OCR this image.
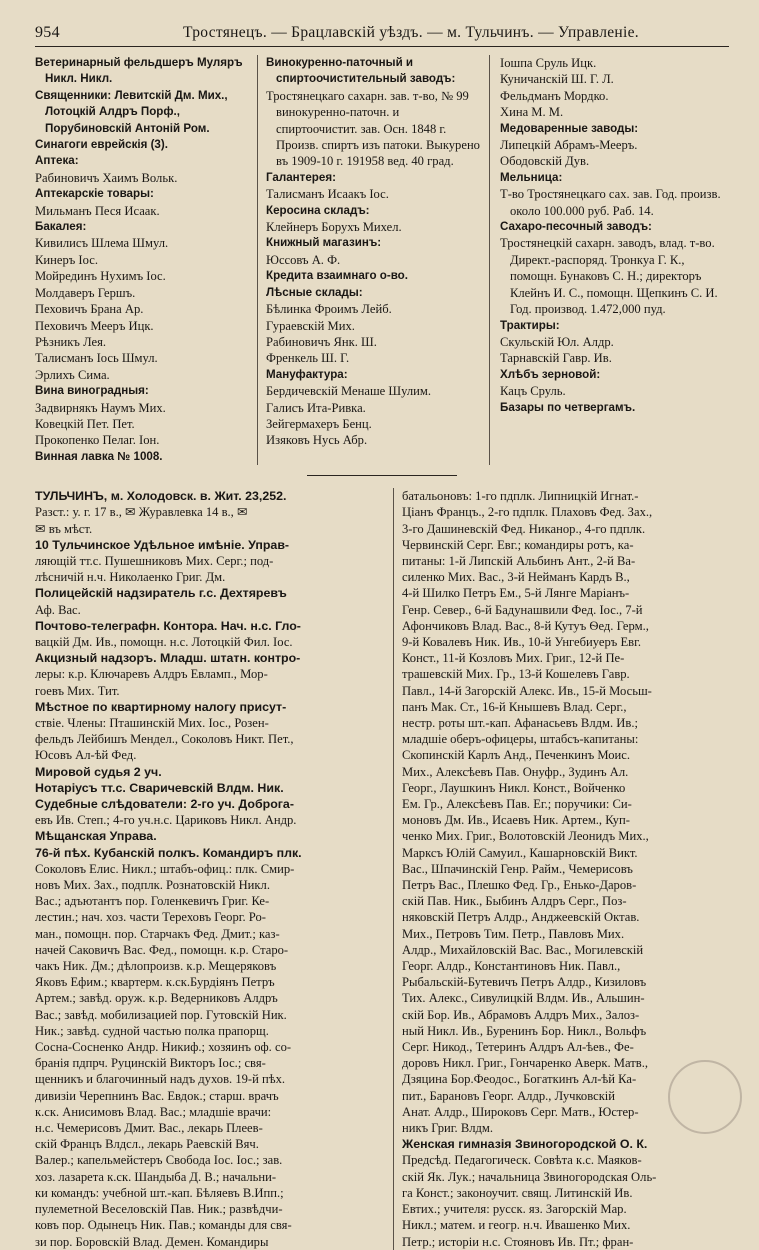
954	Тростянецъ. — Брацлавскій уѣздъ. — м. Тульчинъ. — Управленіе.
Ветеринарный фельдшеръ Муляръ Никл. Никл.
Священники: Левитскій Дм. Мих., Лотоцкій Алдръ Порф., Порубиновскій Антоній Ром.
Синагоги еврейскія (3).
Аптека:
Рабиновичъ Хаимъ Вольк.
Аптекарскіе товары:
Мильманъ Песя Исаак.
Бакалея:
Кивилисъ Шлема Шмул.
Кинеръ Іос.
Мойрединъ Нухимъ Іос.
Молдаверъ Гершъ.
Пеховичъ Брана Ар.
Пеховичъ Мееръ Ицк.
Рѣзникъ Лея.
Талисманъ Іось Шмул.
Эрлихъ Сима.
Вина виноградныя:
Задвирнякъ Наумъ Мих.
Ковецкій Пет. Пет.
Прокопенко Пелаг. Іон.
Винная лавка № 1008.
Винокуренно-паточный и спиртоочистительный заводъ:
Тростянецкаго сахарн. зав. т-во, № 99 винокуренно-паточн. и спиртоочистит. зав. Осн. 1848 г. Произв. спиртъ изъ патоки. Выкурено въ 1909-10 г. 191958 вед. 40 град.
Галантерея:
Талисманъ Исаакъ Іос.
Керосина складъ:
Клейнеръ Борухъ Михел.
Книжный магазинъ:
Юссовъ А. Ф.
Кредита взаимнаго о-во.
Лѣсные склады:
Бѣлинка Фроимъ Лейб.
Гураевскій Мих.
Рабиновичъ Янк. Ш.
Френкель Ш. Г.
Мануфактура:
Бердичевскій Менаше Шулим.
Галисъ Ита-Ривка.
Зейгермахеръ Бенц.
Изяковъ Нусь Абр.
Іошпа Сруль Ицк.
Куничанскій Ш. Г. Л.
Фельдманъ Мордко.
Хина М. М.
Медоваренные заводы:
Липецкій Абрамъ-Мееръ.
Ободовскій Дув.
Мельница:
Т-во Тростянецкаго сах. зав. Год. произв. около 100.000 руб. Раб. 14.
Сахаро-песочный заводъ:
Тростянецкій сахарн. заводъ, влад. т-во. Директ.-распоряд. Тронкуа Г. К., помощн. Бунаковъ С. Н.; директоръ Клейнъ И. С., помощн. Щепкинъ С. И. Год. производ. 1.472,000 пуд.
Трактиры:
Скульскій Юл. Алдр.
Тарнавскій Гавр. Ив.
Хлѣбъ зерновой:
Кацъ Сруль.
Базары по четвергамъ.
ТУЛЬЧИНЪ, м. Холодовск. в. Жит. 23,252.
Разст.: у. г. 17 в., ✉ Журавлевка 14 в., ✉
✉ въ мѣст.
10 Тульчинское Удѣльное имѣніе. Управ-
ляющій тт.с. Пушешниковъ Мих. Серг.; под-
лѣсничій н.ч. Николаенко Григ. Дм.
Полицейскій надзиратель г.с. Дехтяревъ
Аф. Вас.
Почтово-телеграфн. Контора. Нач. н.с. Гло-
вацкій Дм. Ив., помощн. н.с. Лотоцкій Фил. Іос.
Акцизный надзоръ. Младш. штатн. контро-
леры: к.р. Ключаревъ Алдръ Евламп., Мор-
гоевъ Мих. Тит.
Мѣстное по квартирному налогу присут-
ствіе. Члены: Пташинскій Мих. Іос., Розен-
фельдъ Лейбишъ Мендел., Соколовъ Никт. Пет.,
Юсовъ Ал-ѣй Фед.
Мировой судья 2 уч.
Нотаріусъ тт.с. Сваричевскій Влдм. Ник.
Судебные слѣдователи: 2-го уч. Доброга-
евъ Ив. Степ.; 4-го уч.н.с. Цариковъ Никл. Андр.
Мѣщанская Управа.
76-й пѣх. Кубанскій полкъ. Командиръ плк.
Соколовъ Елис. Никл.; штабъ-офиц.: плк. Смир-
новъ Мих. Зах., подплк. Рознатовскій Никл.
Вас.; адъютантъ пор. Голенкевичъ Григ. Ке-
лестин.; нач. хоз. части Тереховъ Георг. Ро-
ман., помощн. пор. Старчакъ Фед. Дмит.; каз-
начей Саковичъ Вас. Фед., помощн. к.р. Старо-
чакъ Ник. Дм.; дѣлопроизв. к.р. Мещеряковъ
Яковъ Ефим.; квартерм. к.ск.Бурдіянъ Петръ
Артем.; завѣд. оруж. к.р. Ведерниковъ Алдръ
Вас.; завѣд. мобилизацией пор. Гутовскій Ник.
Ник.; завѣд. судной частью полка прапорщ.
Сосна-Сосненко Андр. Никиф.; хозяинъ оф. со-
бранія пдпрч. Руцинскій Викторъ Іос.; свя-
щенникъ и благочинный надъ духов. 19-й пѣх.
дивизіи Черепнинъ Вас. Евдок.; старш. врачъ
к.ск. Анисимовъ Влад. Вас.; младшіе врачи:
н.с. Чемерисовъ Дмит. Вас., лекарь Плеев-
скій Францъ Влдсл., лекарь Раевскій Вяч.
Валер.; капельмейстеръ Свобода Іос. Іос.; зав.
хоз. лазарета к.ск. Шандыба Д. В.; начальни-
ки командъ: учебной шт.-кап. Бѣляевъ В.Ипп.;
пулеметной Веселовскій Пав. Ник.; развѣдчи-
ковъ пор. Одынецъ Ник. Пав.; команды для свя-
зи пор. Боровскій Влад. Демен. Командиры
батальоновъ: 1-го пдплк. Липницкій Игнат.-
Ціанъ Францъ., 2-го пдплк. Плаховъ Фед. Зах.,
3-го Дашиневскій Фед. Никанор., 4-го пдплк.
Червинскій Серг. Евг.; командиры ротъ, ка-
питаны: 1-й Липскій Альбинъ Ант., 2-й Ва-
силенко Мих. Вас., 3-й Нейманъ Кардъ В.,
4-й Шилко Петръ Ем., 5-й Лянге Маріанъ-
Генр. Север., 6-й Бадунашвили Фед. Іос., 7-й
Афончиковъ Влад. Вас., 8-й Кутуъ Ѳед. Герм.,
9-й Ковалевъ Ник. Ив., 10-й Унгебиуеръ Евг.
Конст., 11-й Козловъ Мих. Григ., 12-й Пе-
трашевскій Мих. Гр., 13-й Кошелевъ Гавр.
Павл., 14-й Загорскій Алекс. Ив., 15-й Мосьш-
панъ Мак. Ст., 16-й Кнышевъ Влад. Серг.,
нестр. роты шт.-кап. Афанасьевъ Влдм. Ив.;
младшіе оберъ-офицеры, штабсъ-капитаны:
Скопинскій Карлъ Анд., Печенкинъ Моис.
Мих., Алексѣевъ Пав. Онуфр., Зудинъ Ал.
Георг., Лаушкинъ Никл. Конст., Войченко
Ем. Гр., Алексѣевъ Пав. Ег.; поручики: Си-
моновъ Дм. Ив., Исаевъ Ник. Артем., Куп-
ченко Мих. Григ., Волотовскій Леонидъ Мих.,
Марксъ Юлій Самуил., Кашарновскій Викт.
Вас., Шпачинскій Генр. Райм., Чемерисовъ
Петръ Вас., Плешко Фед. Гр., Енько-Даров-
скій Пав. Ник., Быбинъ Алдръ Серг., Поз-
няковскій Петръ Алдр., Анджеевскій Октав.
Мих., Петровъ Тим. Петр., Павловъ Мих.
Алдр., Михайловскій Вас. Вас., Могилевскій
Георг. Алдр., Константиновъ Ник. Павл.,
Рыбальскій-Бутевичъ Петръ Алдр., Кизиловъ
Тих. Алекс., Сивулицкій Влдм. Ив., Альшин-
скій Бор. Ив., Абрамовъ Алдръ Мих., Залоз-
ный Никл. Ив., Буренинъ Бор. Никл., Вольфъ
Серг. Никод., Тетеринъ Алдръ Ал-ѣев., Фе-
доровъ Никл. Григ., Гончаренко Аверк. Матв.,
Дзяцина Бор.Феодос., Богаткинъ Ал-ѣй Ка-
пит., Барановъ Георг. Алдр., Лучковскій
Анат. Алдр., Широковъ Серг. Матв., Юстер-
никъ Григ. Влдм.
Женская гимназія Звиногородской О. К.
Предсѣд. Педагогическ. Совѣта к.с. Маяков-
скій Як. Лук.; начальница Звиногородская Оль-
га Конст.; законоучит. свящ. Литинскій Ив.
Евтих.; учителя: русск. яз. Загорскій Мар.
Никл.; матем. и геогр. н.ч. Ивашенко Мих.
Петр.; исторіи н.с. Стояновъ Ив. Пт.; фран-
